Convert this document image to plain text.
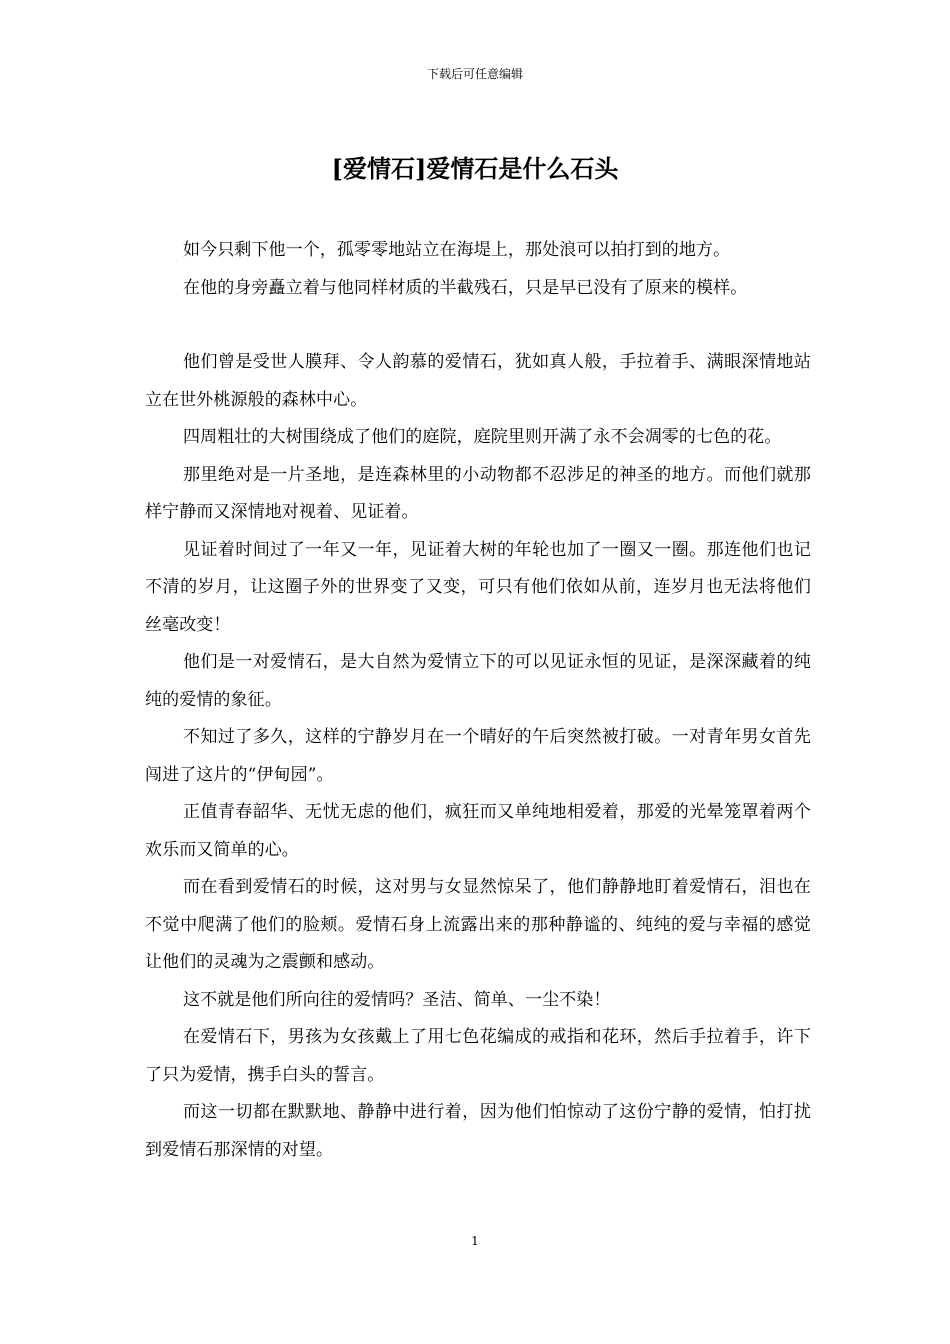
下载后可任意编辑
[爱情石]爱情石是什么石头

如今只剩下他一个，孤零零地站立在海堤上，那处浪可以拍打到的地方。

在他的身旁矗立着与他同样材质的半截残石，只是早已没有了原来的模样。

他们曾是受世人膜拜、令人韵慕的爱情石，犹如真人般，手拉着手、满眼深情地站立在世外桃源般的森林中心。

四周粗壮的大树围绕成了他们的庭院，庭院里则开满了永不会凋零的七色的花。

那里绝对是一片圣地，是连森林里的小动物都不忍涉足的神圣的地方。而他们就那样宁静而又深情地对视着、见证着。

见证着时间过了一年又一年，见证着大树的年轮也加了一圈又一圈。那连他们也记不清的岁月，让这圈子外的世界变了又变，可只有他们依如从前，连岁月也无法将他们丝毫改变！

他们是一对爱情石，是大自然为爱情立下的可以见证永恒的见证，是深深藏着的纯纯的爱情的象征。

不知过了多久，这样的宁静岁月在一个晴好的午后突然被打破。一对青年男女首先闯进了这片的“伊甸园”。

正值青春韶华、无忧无虑的他们，疯狂而又单纯地相爱着，那爱的光晕笼罩着两个欢乐而又简单的心。

而在看到爱情石的时候，这对男与女显然惊呆了，他们静静地盯着爱情石，泪也在不觉中爬满了他们的脸颊。爱情石身上流露出来的那种静谧的、纯纯的爱与幸福的感觉让他们的灵魂为之震颤和感动。

这不就是他们所向往的爱情吗？圣洁、简单、一尘不染！

在爱情石下，男孩为女孩戴上了用七色花编成的戒指和花环，然后手拉着手，许下了只为爱情，携手白头的誓言。

而这一切都在默默地、静静中进行着，因为他们怕惊动了这份宁静的爱情，怕打扰到爱情石那深情的对望。

1
